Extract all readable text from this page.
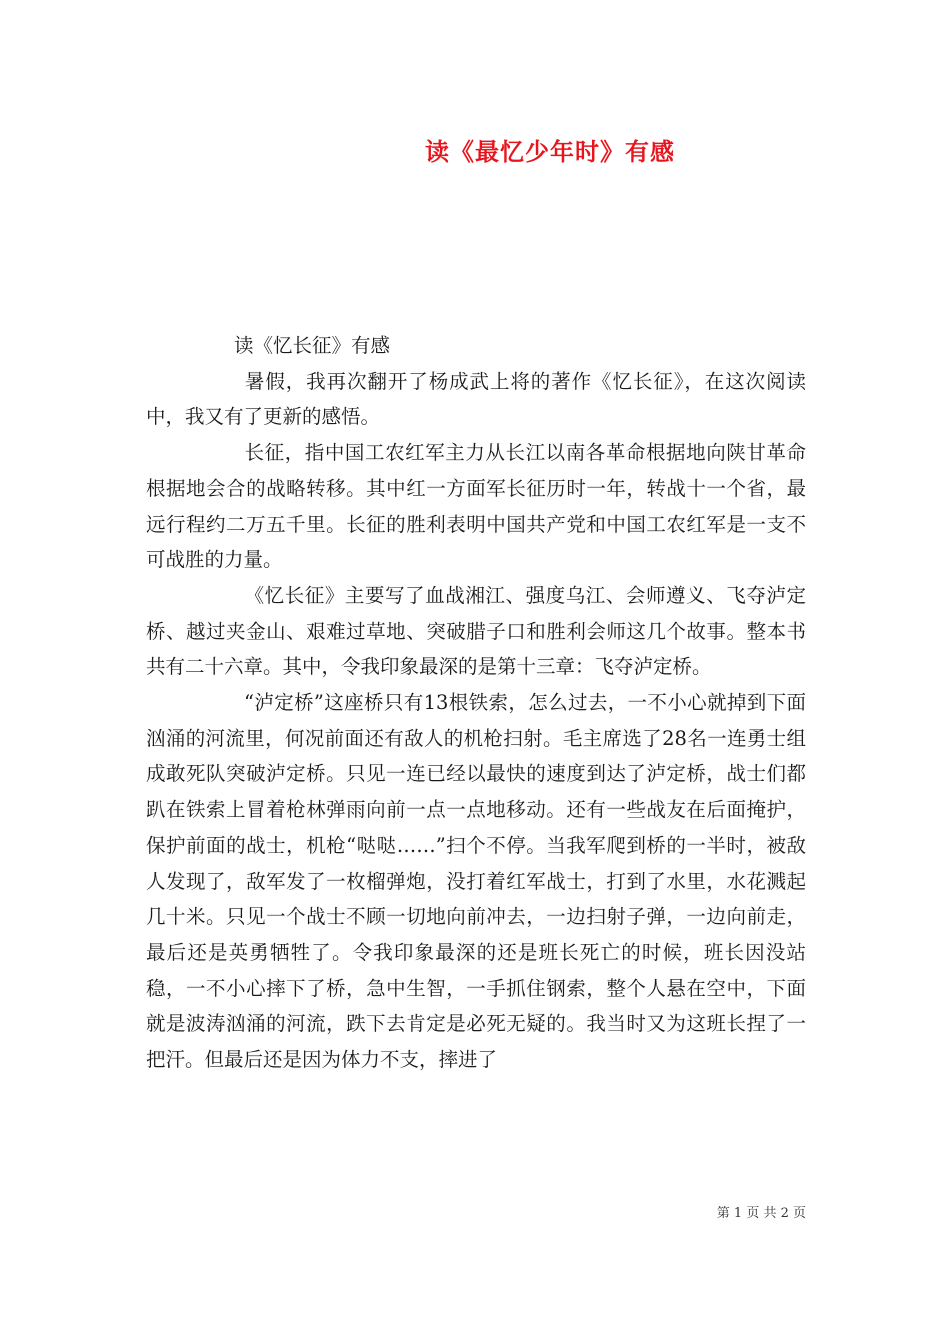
读《最忆少年时》有感

读《忆长征》有感

暑假，我再次翻开了杨成武上将的著作《忆长征》，在这次阅读中，我又有了更新的感悟。

长征，指中国工农红军主力从长江以南各革命根据地向陕甘革命根据地会合的战略转移。其中红一方面军长征历时一年，转战十一个省，最远行程约二万五千里。长征的胜利表明中国共产党和中国工农红军是一支不可战胜的力量。

《忆长征》主要写了血战湘江、强度乌江、会师遵义、飞夺泸定桥、越过夹金山、艰难过草地、突破腊子口和胜利会师这几个故事。整本书共有二十六章。其中，令我印象最深的是第十三章：飞夺泸定桥。

“泸定桥”这座桥只有13根铁索，怎么过去，一不小心就掉到下面汹涌的河流里，何况前面还有敌人的机枪扫射。毛主席选了28名一连勇士组成敢死队突破泸定桥。只见一连已经以最快的速度到达了泸定桥，战士们都趴在铁索上冒着枪林弹雨向前一点一点地移动。还有一些战友在后面掩护，保护前面的战士，机枪“哒哒……”扫个不停。当我军爬到桥的一半时，被敌人发现了，敌军发了一枚榴弹炮，没打着红军战士，打到了水里，水花溅起几十米。只见一个战士不顾一切地向前冲去，一边扫射子弹，一边向前走，最后还是英勇牺牲了。令我印象最深的还是班长死亡的时候，班长因没站稳，一不小心摔下了桥，急中生智，一手抓住钢索，整个人悬在空中，下面就是波涛汹涌的河流，跌下去肯定是必死无疑的。我当时又为这班长捏了一把汗。但最后还是因为体力不支，摔进了

第 1 页 共 2 页
